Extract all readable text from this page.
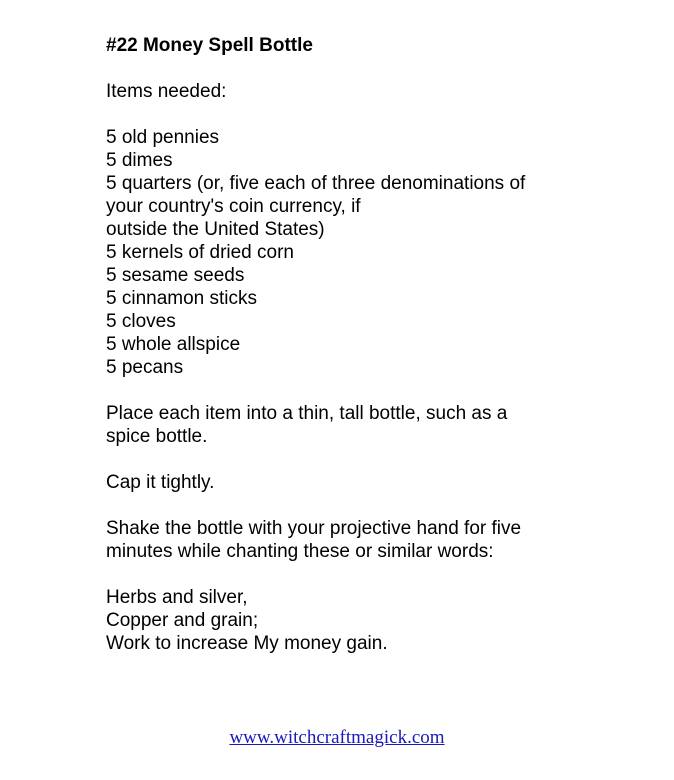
#22 Money Spell Bottle
Items needed:
5 old pennies
5 dimes
5 quarters (or, five each of three denominations of
your country's coin currency, if
outside the United States)
5 kernels of dried corn
5 sesame seeds
5 cinnamon sticks
5 cloves
5 whole allspice
5 pecans
Place each item into a thin, tall bottle, such as a
spice bottle.
Cap it tightly.
Shake the bottle with your projective hand for five
minutes while chanting these or similar words:
Herbs and silver,
Copper and grain;
Work to increase My money gain.
www.witchcraftmagick.com
